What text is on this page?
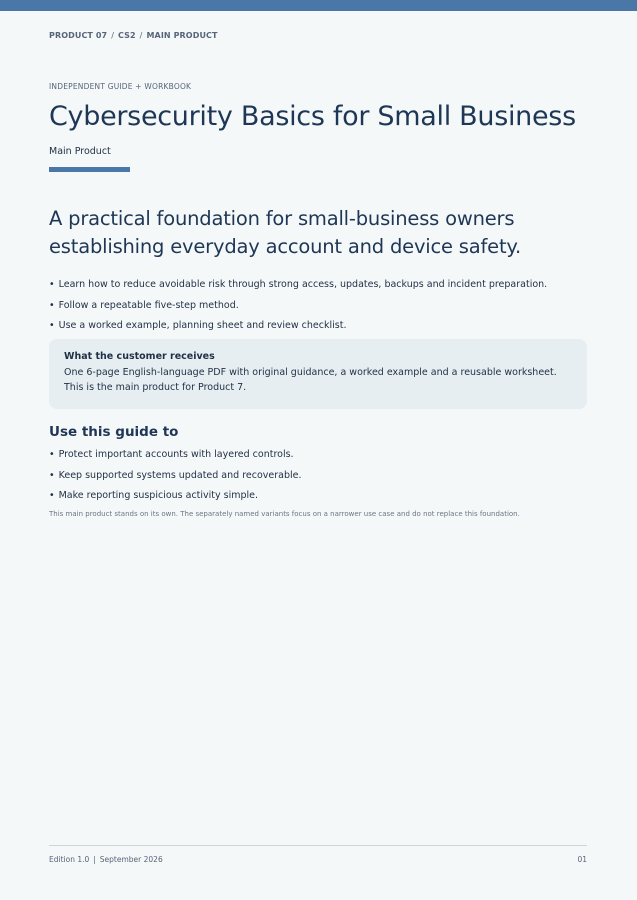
PRODUCT 07 / CS2 / MAIN PRODUCT
INDEPENDENT GUIDE + WORKBOOK
Cybersecurity Basics for Small Business
Main Product
A practical foundation for small-business owners establishing everyday account and device safety.
• Learn how to reduce avoidable risk through strong access, updates, backups and incident preparation.
• Follow a repeatable five-step method.
• Use a worked example, planning sheet and review checklist.
What the customer receives
One 6-page English-language PDF with original guidance, a worked example and a reusable worksheet. This is the main product for Product 7.
Use this guide to
• Protect important accounts with layered controls.
• Keep supported systems updated and recoverable.
• Make reporting suspicious activity simple.
This main product stands on its own. The separately named variants focus on a narrower use case and do not replace this foundation.
Edition 1.0 | September 2026	01
